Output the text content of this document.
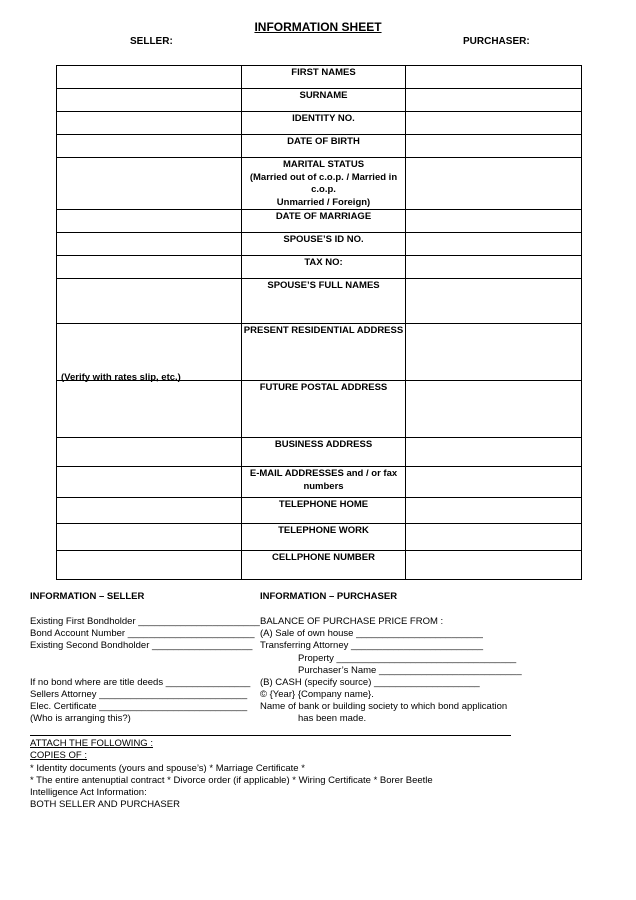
INFORMATION SHEET
SELLER:	PURCHASER:

	FIRST NAMES	

	SURNAME	

	IDENTITY NO.	

	DATE OF BIRTH	

	MARITAL STATUS
(Married out of c.o.p. / Married in
c.o.p.
Unmarried / Foreign)	

	DATE OF MARRIAGE	

	SPOUSE’S ID NO.	

	TAX NO:	

	SPOUSE’S FULL NAMES	

(Verify with rates slip, etc.)	PRESENT RESIDENTIAL ADDRESS	

	FUTURE POSTAL ADDRESS	

	BUSINESS ADDRESS	

	E-MAIL ADDRESSES and / or fax
numbers	

	TELEPHONE HOME	

	TELEPHONE WORK	

	CELLPHONE NUMBER	

INFORMATION – SELLER	INFORMATION – PURCHASER
Existing First Bondholder _______________________
Bond Account Number ________________________
Existing Second Bondholder ___________________
If no bond where are title deeds ________________
Sellers Attorney ____________________________
Elec. Certificate ____________________________
(Who is arranging this?)
BALANCE OF PURCHASE PRICE FROM :
(A) Sale of own house ________________________
Transferring Attorney _________________________
Property __________________________________
Purchaser’s Name ___________________________
(B) CASH (specify source) ____________________
© {Year} {Company name}.
Name of bank or building society to which bond application
has been made.
ATTACH THE FOLLOWING :
COPIES OF :
* Identity documents (yours and spouse’s) * Marriage Certificate *
* The entire antenuptial contract * Divorce order (if applicable) * Wiring Certificate * Borer Beetle
Intelligence Act Information:
BOTH SELLER AND PURCHASER
